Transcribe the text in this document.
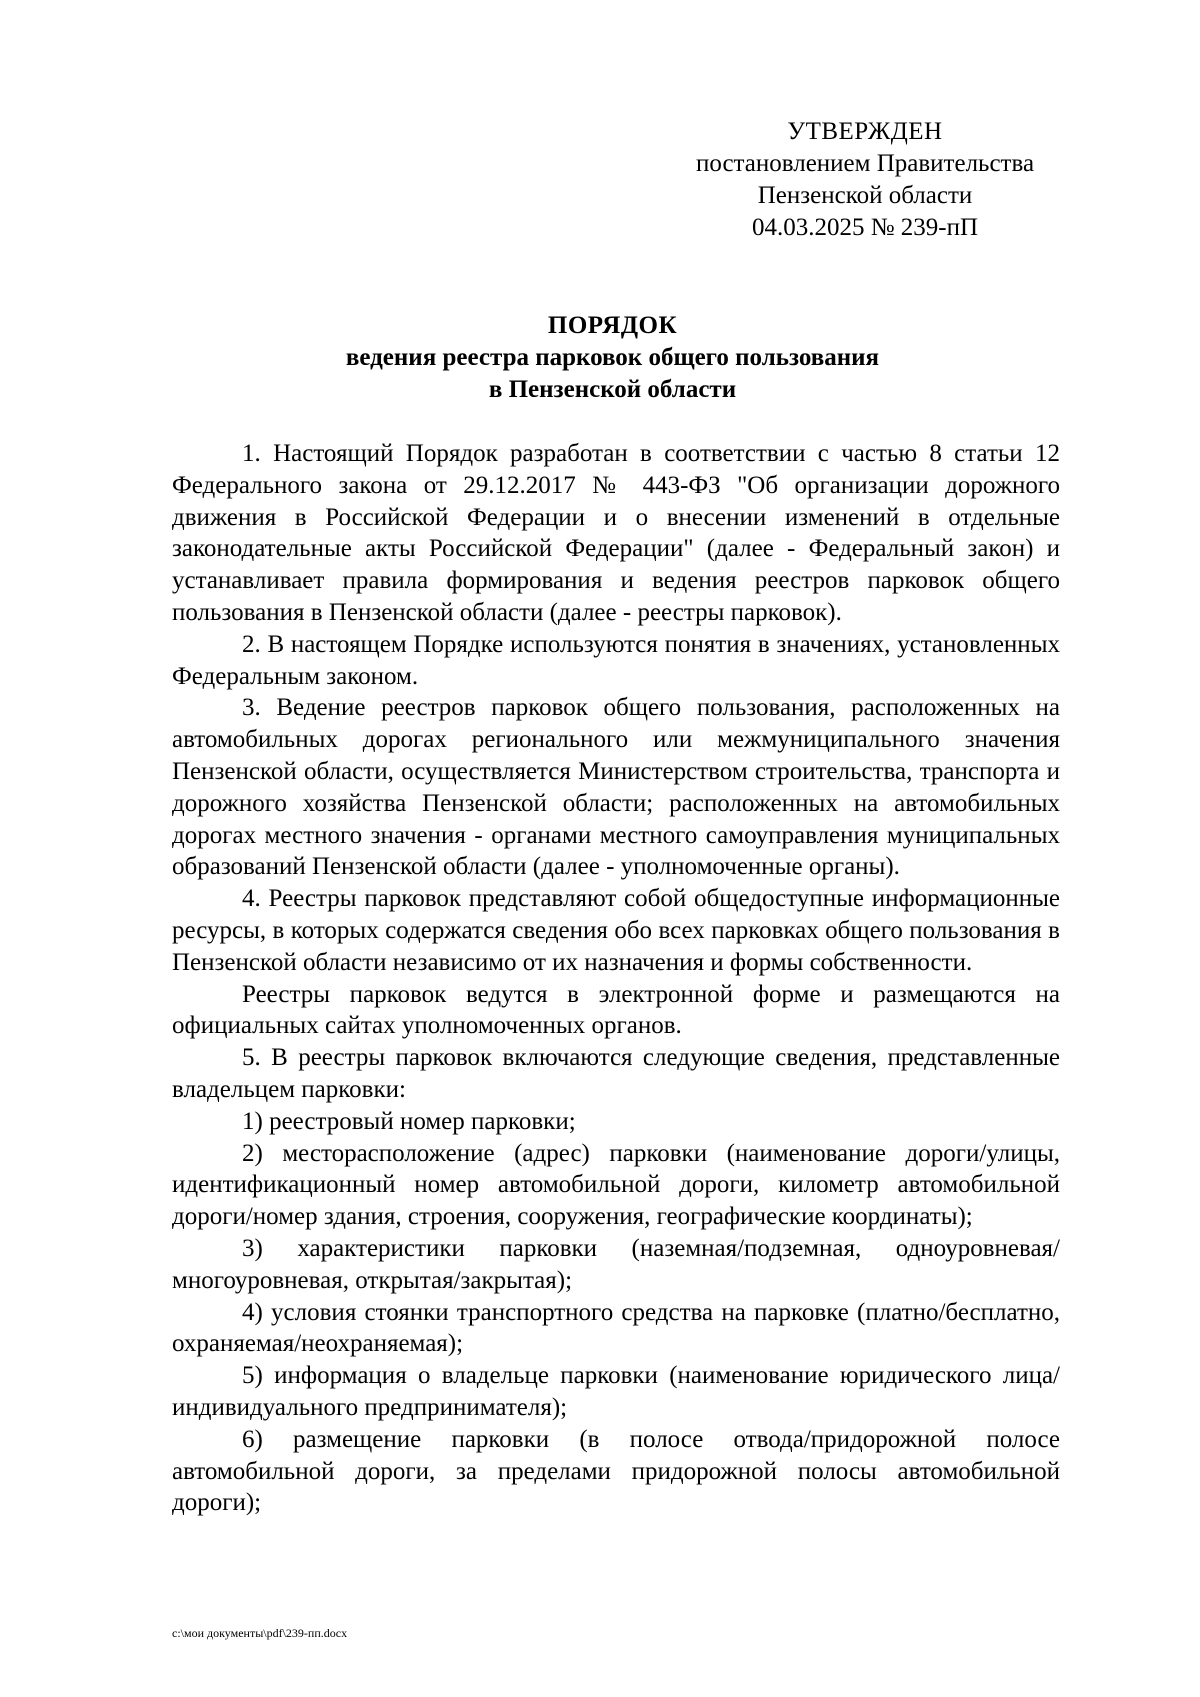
УТВЕРЖДЕН
постановлением Правительства
Пензенской области
04.03.2025 № 239-пП
ПОРЯДОК
ведения реестра парковок общего пользования
в Пензенской области

1. Настоящий Порядок разработан в соответствии с частью 8 статьи 12 Федерального закона от 29.12.2017 № 443-ФЗ "Об организации дорожного движения в Российской Федерации и о внесении изменений в отдельные законодательные акты Российской Федерации" (далее - Федеральный закон) и устанавливает правила формирования и ведения реестров парковок общего пользования в Пензенской области (далее - реестры парковок).

2. В настоящем Порядке используются понятия в значениях, установленных Федеральным законом.

3. Ведение реестров парковок общего пользования, расположенных на автомобильных дорогах регионального или межмуниципального значения Пензенской области, осуществляется Министерством строительства, транспорта и дорожного хозяйства Пензенской области; расположенных на автомобильных дорогах местного значения - органами местного самоуправления муниципальных образований Пензенской области (далее - уполномоченные органы).

4. Реестры парковок представляют собой общедоступные информационные ресурсы, в которых содержатся сведения обо всех парковках общего пользования в Пензенской области независимо от их назначения и формы собственности.

Реестры парковок ведутся в электронной форме и размещаются на официальных сайтах уполномоченных органов.

5. В реестры парковок включаются следующие сведения, представленные владельцем парковки:

1) реестровый номер парковки;

2) месторасположение (адрес) парковки (наименование дороги/улицы, идентификационный номер автомобильной дороги, километр автомобильной дороги/номер здания, строения, сооружения, географические координаты);

3) характеристики парковки (наземная/подземная, одноуровневая/ многоуровневая, открытая/закрытая);

4) условия стоянки транспортного средства на парковке (платно/бесплатно, охраняемая/неохраняемая);

5) информация о владельце парковки (наименование юридического лица/ индивидуального предпринимателя);

6) размещение парковки (в полосе отвода/придорожной полосе автомобильной дороги, за пределами придорожной полосы автомобильной дороги);

c:\мои документы\pdf\239-пп.docx
